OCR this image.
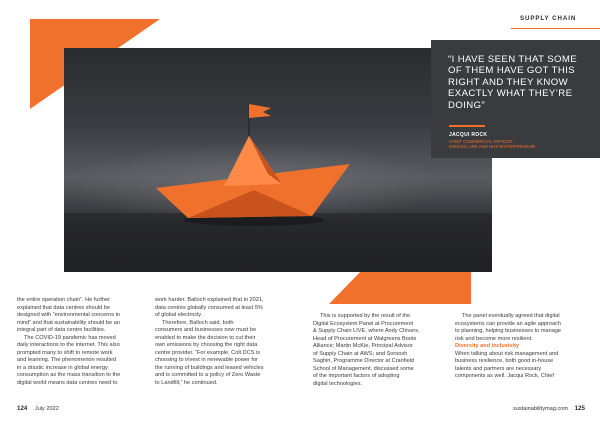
SUPPLY CHAIN
“I HAVE SEEN THAT SOME OF THEM HAVE GOT THIS RIGHT AND THEY KNOW EXACTLY WHAT THEY’RE DOING”
JACQUI ROCK
CHIEF COMMERCIAL OFFICER,
MISSING LINK AND NHS ENTREPRENEUR

the entire operation chain”. He further

explained that data centres should be

designed with “environmental concerns in

mind” and that sustainability should be an

integral part of data centre facilities.

The COVID-19 pandemic has moved

daily interactions to the internet. This also

prompted many to shift to remote work

and learning. The phenomenon resulted

in a drastic increase in global energy

consumption as the mass transition to the

digital world means data centres need to

work harder. Balloch explained that in 2021,

data centres globally consumed at least 5%

of global electricity.

Therefore, Balloch said, both

consumers and businesses now must be

enabled to make the decision to cut their

own emissions by choosing the right data

centre provider. “For example, Colt DCS is

choosing to invest in renewable power for

the running of buildings and leased vehicles

and is committed to a policy of Zero Waste

to Landfill,” he continued.

This is supported by the result of the

Digital Ecosystem Panel at Procurement

& Supply Chain LIVE, where Andy Chivers,

Head of Procurement at Walgreens Boots

Alliance; Martin McKie, Principal Advisor

of Supply Chain at AWS; and Soroosh

Saghiri, Programme Director at Cranfield

School of Management, discussed some

of the important factors of adopting

digital technologies.

The panel eventually agreed that digital

ecosystems can provide an agile approach

to planning, helping businesses to manage

risk and become more resilient.

Diversity and inclusivity

When talking about risk management and

business resilience, both good in-house

talents and partners are necessary

components as well. Jacqui Rock, Chief

124 July 2022	sustainabilitymag.com 125
